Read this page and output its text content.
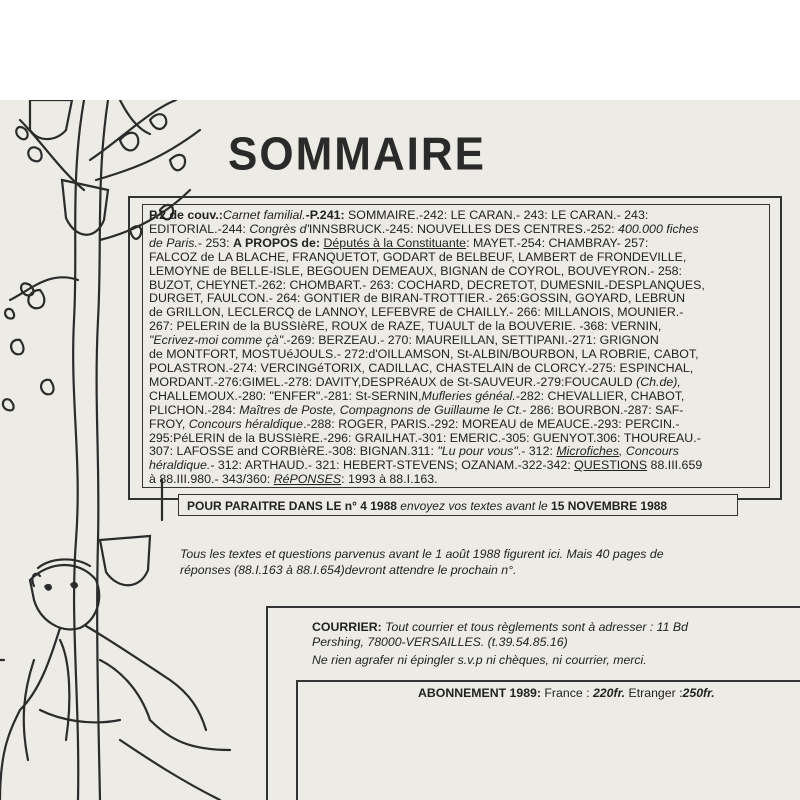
SOMMAIRE
P.2 de couv.:Carnet familial.-P.241: SOMMAIRE.-242: LE CARAN.- 243: LE CARAN.- 243:
EDITORIAL.-244: Congrès d'INNSBRUCK.-245: NOUVELLES DES CENTRES.-252: 400.000 fiches
de Paris.- 253: A PROPOS de: Députés à la Constituante: MAYET.-254: CHAMBRAY- 257:
FALCOZ de LA BLACHE, FRANQUETOT, GODART de BELBEUF, LAMBERT de FRONDEVILLE,
LEMOYNE de BELLE-ISLE, BEGOUEN DEMEAUX, BIGNAN de COYROL, BOUVEYRON.- 258:
BUZOT, CHEYNET.-262: CHOMBART.- 263: COCHARD, DECRETOT, DUMESNIL-DESPLANQUES,
DURGET, FAULCON.- 264: GONTIER de BIRAN-TROTTIER.- 265:GOSSIN, GOYARD, LEBRUN
de GRILLON, LECLERCQ de LANNOY, LEFEBVRE de CHAILLY.- 266: MILLANOIS, MOUNIER.-
267: PELERIN de la BUSSIèRE, ROUX de RAZE, TUAULT de la BOUVERIE. -368: VERNIN,
"Ecrivez-moi comme çà".-269: BERZEAU.- 270: MAUREILLAN, SETTIPANI.-271: GRIGNON
de MONTFORT, MOSTUéJOULS.- 272:d'OILLAMSON, St-ALBIN/BOURBON, LA ROBRIE, CABOT,
POLASTRON.-274: VERCINGéTORIX, CADILLAC, CHASTELAIN de CLORCY.-275: ESPINCHAL,
MORDANT.-276:GIMEL.-278: DAVITY,DESPRéAUX de St-SAUVEUR.-279:FOUCAULD (Ch.de),
CHALLEMOUX.-280: "ENFER".-281: St-SERNIN,Mufleries généal.-282: CHEVALLIER, CHABOT,
PLICHON.-284: Maîtres de Poste, Compagnons de Guillaume le Ct.- 286: BOURBON.-287: SAF-
FROY, Concours héraldique.-288: ROGER, PARIS.-292: MOREAU de MEAUCE.-293: PERCIN.-
295:PéLERIN de la BUSSIèRE.-296: GRAILHAT.-301: EMERIC.-305: GUENYOT.306: THOUREAU.-
307: LAFOSSE and CORBIèRE.-308: BIGNAN.311: "Lu pour vous".- 312: Microfiches, Concours
héraldique.- 312: ARTHAUD.- 321: HEBERT-STEVENS; OZANAM.-322-342: QUESTIONS 88.III.659
à 88.III.980.- 343/360: RéPONSES: 1993 à 88.I.163.
POUR PARAITRE DANS LE n° 4 1988 envoyez vos textes avant le 15 NOVEMBRE 1988
Tous les textes et questions parvenus avant le 1 août 1988 figurent ici. Mais 40 pages de
réponses (88.I.163 à 88.I.654)devront attendre le prochain n°.
COURRIER: Tout courrier et tous règlements sont à adresser : 11 Bd
Pershing, 78000-VERSAILLES. (t.39.54.85.16)
Ne rien agrafer ni épingler s.v.p ni chèques, ni courrier, merci.
ABONNEMENT 1989: France : 220fr. Etranger :250fr.
